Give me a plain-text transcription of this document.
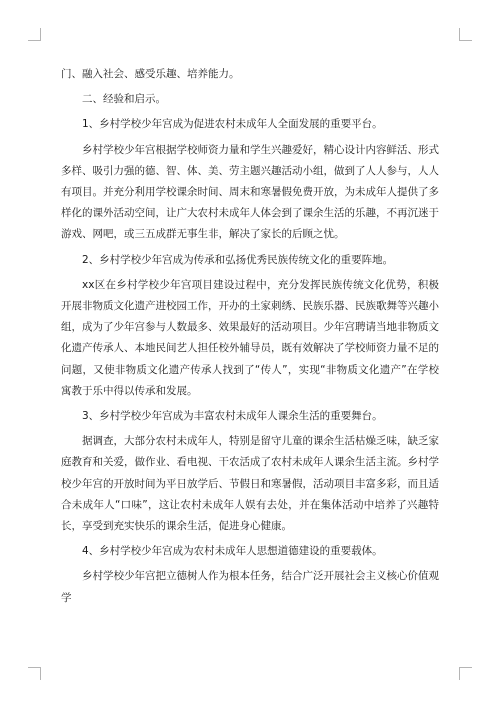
门、融入社会、感受乐趣、培养能力。

二、经验和启示。

1、乡村学校少年宫成为促进农村未成年人全面发展的重要平台。

乡村学校少年宫根据学校师资力量和学生兴趣爱好，精心设计内容鲜活、形式多样、吸引力强的德、智、体、美、劳主题兴趣活动小组，做到了人人参与，人人有项目。并充分利用学校课余时间、周末和寒暑假免费开放，为未成年人提供了多样化的课外活动空间，让广大农村未成年人体会到了课余生活的乐趣，不再沉迷于游戏、网吧，或三五成群无事生非，解决了家长的后顾之忧。

2、乡村学校少年宫成为传承和弘扬优秀民族传统文化的重要阵地。

xx区在乡村学校少年宫项目建设过程中，充分发挥民族传统文化优势，积极开展非物质文化遗产进校园工作，开办的土家刺绣、民族乐器、民族歌舞等兴趣小组，成为了少年宫参与人数最多、效果最好的活动项目。少年宫聘请当地非物质文化遗产传承人、本地民间艺人担任校外辅导员，既有效解决了学校师资力量不足的问题，又使非物质文化遗产传承人找到了“传人”，实现“非物质文化遗产”在学校寓教于乐中得以传承和发展。

3、乡村学校少年宫成为丰富农村未成年人课余生活的重要舞台。

据调查，大部分农村未成年人，特别是留守儿童的课余生活枯燥乏味，缺乏家庭教育和关爱，做作业、看电视、干农活成了农村未成年人课余生活主流。乡村学校少年宫的开放时间为平日放学后、节假日和寒暑假，活动项目丰富多彩，而且适合未成年人“口味”，这让农村未成年人娱有去处，并在集体活动中培养了兴趣特长，享受到充实快乐的课余生活，促进身心健康。

4、乡村学校少年宫成为农村未成年人思想道德建设的重要载体。

乡村学校少年宫把立德树人作为根本任务，结合广泛开展社会主义核心价值观学
